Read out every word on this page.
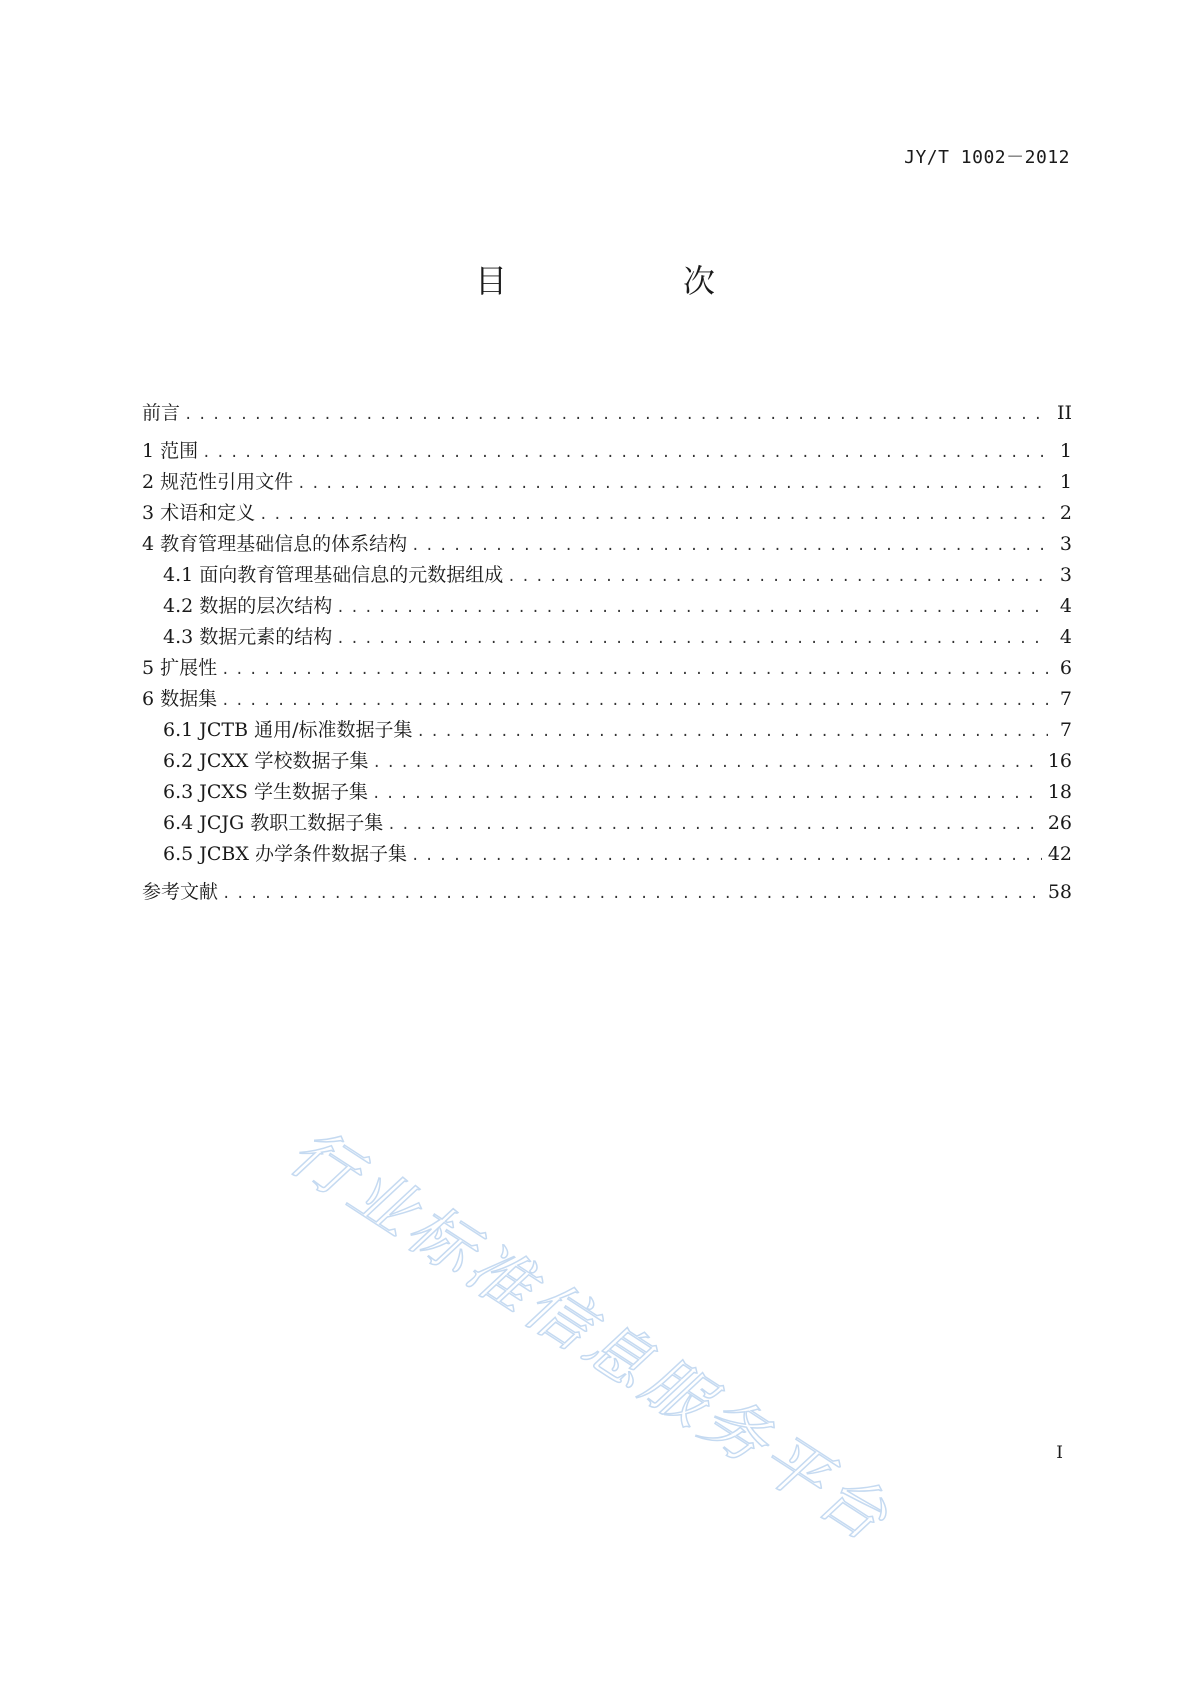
JY/T 1002－2012
目　次
前言 .....	II
1 范围 .....	1
2 规范性引用文件 .....	1
3 术语和定义 .....	2
4 教育管理基础信息的体系结构 .....	3
4.1 面向教育管理基础信息的元数据组成 .....	3
4.2 数据的层次结构 .....	4
4.3 数据元素的结构 .....	4
5 扩展性 .....	6
6 数据集 .....	7
6.1 JCTB 通用/标准数据子集 .....	7
6.2 JCXX 学校数据子集 .....	16
6.3 JCXS 学生数据子集 .....	18
6.4 JCJG 教职工数据子集 .....	26
6.5 JCBX 办学条件数据子集 .....	42
参考文献 .....	58
行业标准信息服务平台	I
